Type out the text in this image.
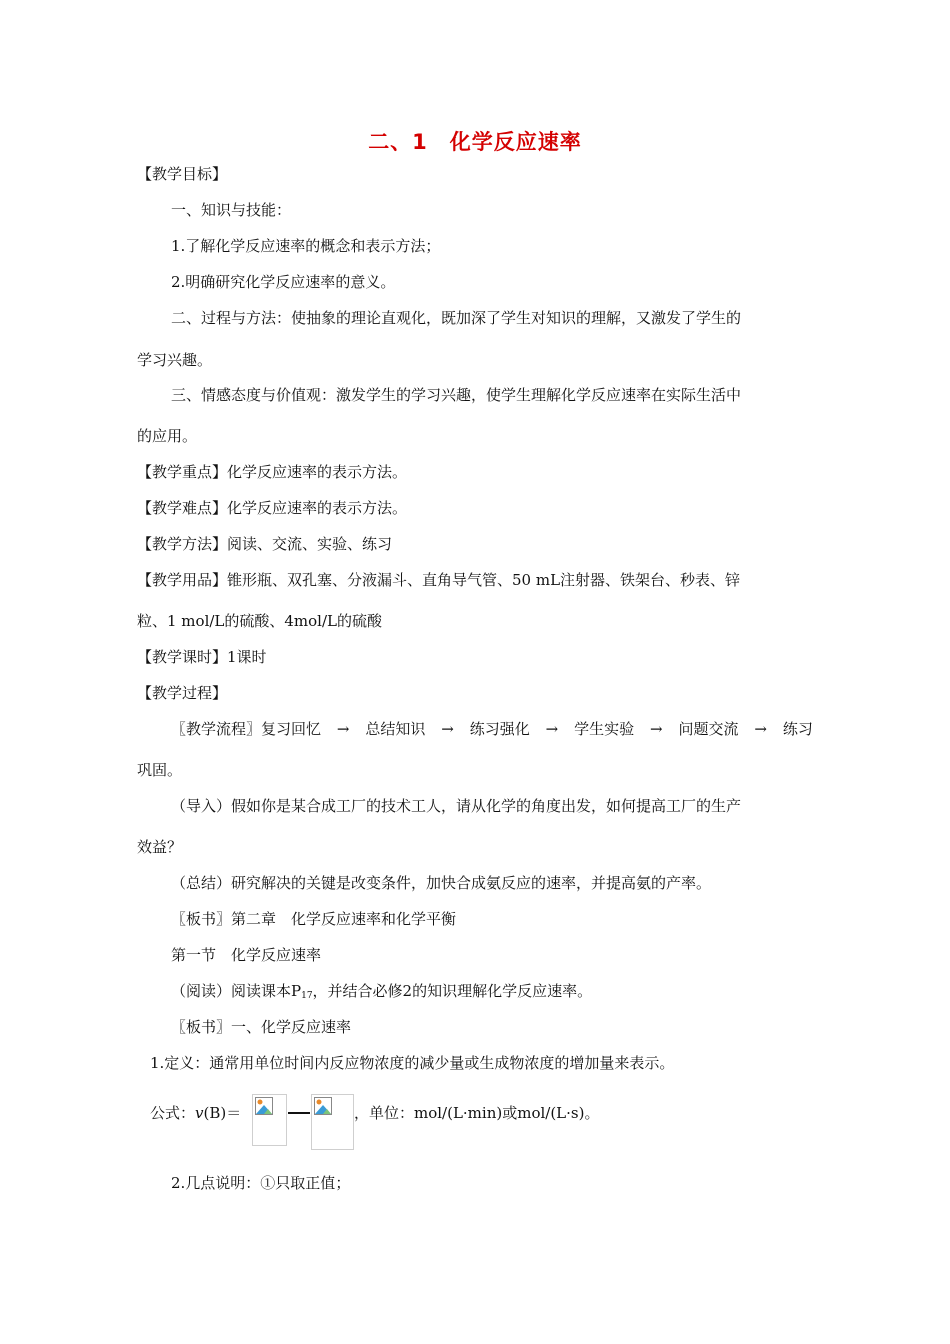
二、1　化学反应速率
【教学目标】
一、知识与技能：
1.了解化学反应速率的概念和表示方法；
2.明确研究化学反应速率的意义。
二、过程与方法：使抽象的理论直观化，既加深了学生对知识的理解，又激发了学生的
学习兴趣。
三、情感态度与价值观：激发学生的学习兴趣，使学生理解化学反应速率在实际生活中
的应用。
【教学重点】化学反应速率的表示方法。
【教学难点】化学反应速率的表示方法。
【教学方法】阅读、交流、实验、练习
【教学用品】锥形瓶、双孔塞、分液漏斗、直角导气管、50 mL注射器、铁架台、秒表、锌
粒、1 mol/L的硫酸、4mol/L的硫酸
【教学课时】1课时
【教学过程】
〖教学流程〗复习回忆 → 总结知识 → 练习强化 → 学生实验 → 问题交流 → 练习
巩固。
（导入）假如你是某合成工厂的技术工人，请从化学的角度出发，如何提高工厂的生产
效益？
（总结）研究解决的关键是改变条件，加快合成氨反应的速率，并提高氨的产率。
〖板书〗第二章　化学反应速率和化学平衡
第一节　化学反应速率
（阅读）阅读课本$P_{17}$，并结合必修2的知识理解化学反应速率。
〖板书〗一、化学反应速率
1.定义：通常用单位时间内反应物浓度的减少量或生成物浓度的增加量来表示。
公式：v(B)＝	，单位：mol/(L·min)或mol/(L·s)。
2.几点说明：①只取正值；
